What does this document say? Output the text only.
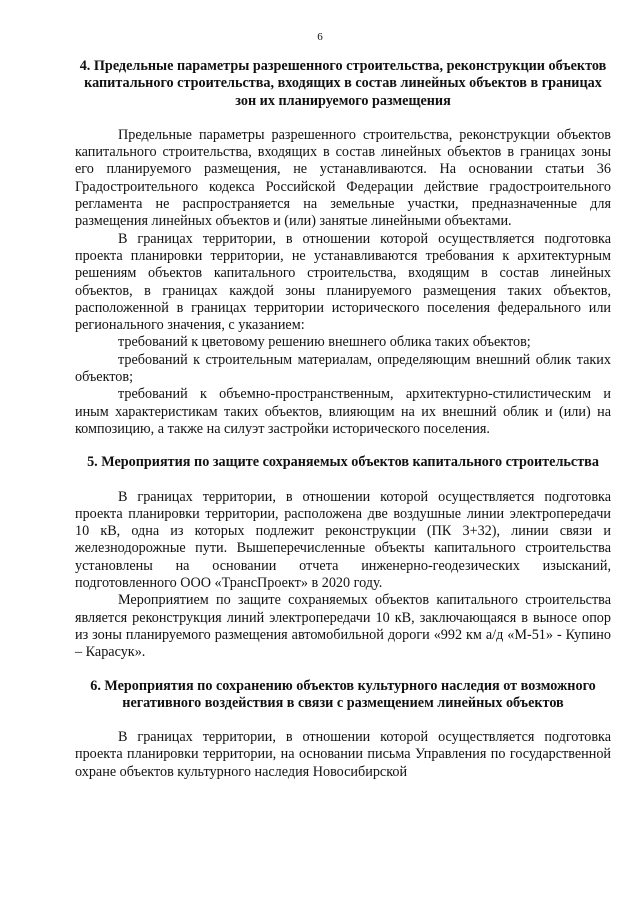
6
4. Предельные параметры разрешенного строительства, реконструкции объектов капитального строительства, входящих в состав линейных объектов в границах зон их планируемого размещения

Предельные параметры разрешенного строительства, реконструкции объектов капитального строительства, входящих в состав линейных объектов в границах зоны его планируемого размещения, не устанавливаются. На основании статьи 36 Градостроительного кодекса Российской Федерации действие градостроительного регламента не распространяется на земельные участки, предназначенные для размещения линейных объектов и (или) занятые линейными объектами.

В границах территории, в отношении которой осуществляется подготовка проекта планировки территории, не устанавливаются требования к архитектурным решениям объектов капитального строительства, входящим в состав линейных объектов, в границах каждой зоны планируемого размещения таких объектов, расположенной в границах территории исторического поселения федерального или регионального значения, с указанием:

требований к цветовому решению внешнего облика таких объектов;

требований к строительным материалам, определяющим внешний облик таких объектов;

требований к объемно-пространственным, архитектурно-стилистическим и иным характеристикам таких объектов, влияющим на их внешний облик и (или) на композицию, а также на силуэт застройки исторического поселения.

5. Мероприятия по защите сохраняемых объектов капитального строительства

В границах территории, в отношении которой осуществляется подготовка проекта планировки территории, расположена две воздушные линии электропередачи 10 кВ, одна из которых подлежит реконструкции (ПК 3+32), линии связи и железнодорожные пути. Вышеперечисленные объекты капитального строительства установлены на основании отчета инженерно-геодезических изысканий, подготовленного ООО «ТрансПроект» в 2020 году.

Мероприятием по защите сохраняемых объектов капитального строительства является реконструкция линий электропередачи 10 кВ, заключающаяся в выносе опор из зоны планируемого размещения автомобильной дороги «992 км а/д «М-51» - Купино – Карасук».

6. Мероприятия по сохранению объектов культурного наследия от возможного негативного воздействия в связи с размещением линейных объектов

В границах территории, в отношении которой осуществляется подготовка проекта планировки территории, на основании письма Управления по государственной охране объектов культурного наследия Новосибирской
